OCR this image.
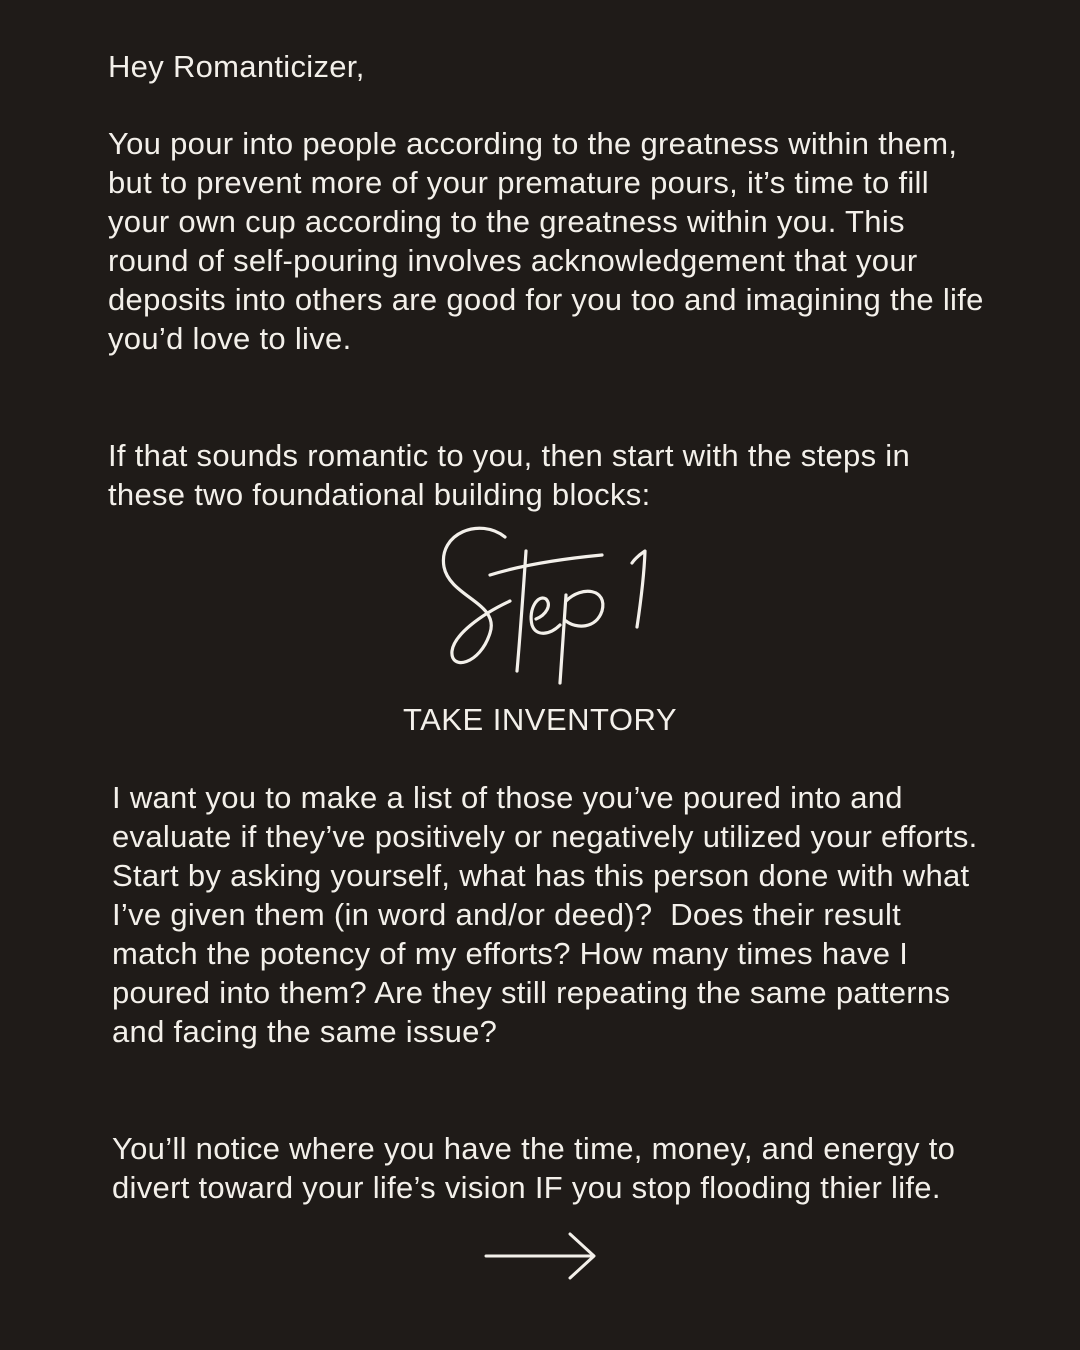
Hey Romanticizer,

You pour into people according to the greatness within them, but to prevent more of your premature pours, it’s time to fill your own cup according to the greatness within you. This round of self-pouring involves acknowledgement that your deposits into others are good for you too and imagining the life you’d love to live.

If that sounds romantic to you, then start with the steps in these two foundational building blocks:

TAKE INVENTORY

I want you to make a list of those you’ve poured into and evaluate if they’ve positively or negatively utilized your efforts.  Start by asking yourself, what has this person done with what I’ve given them (in word and/or deed)?  Does their result match the potency of my efforts? How many times have I poured into them? Are they still repeating the same patterns and facing the same issue?

You’ll notice where you have the time, money, and energy to divert toward your life’s vision IF you stop flooding thier life.
